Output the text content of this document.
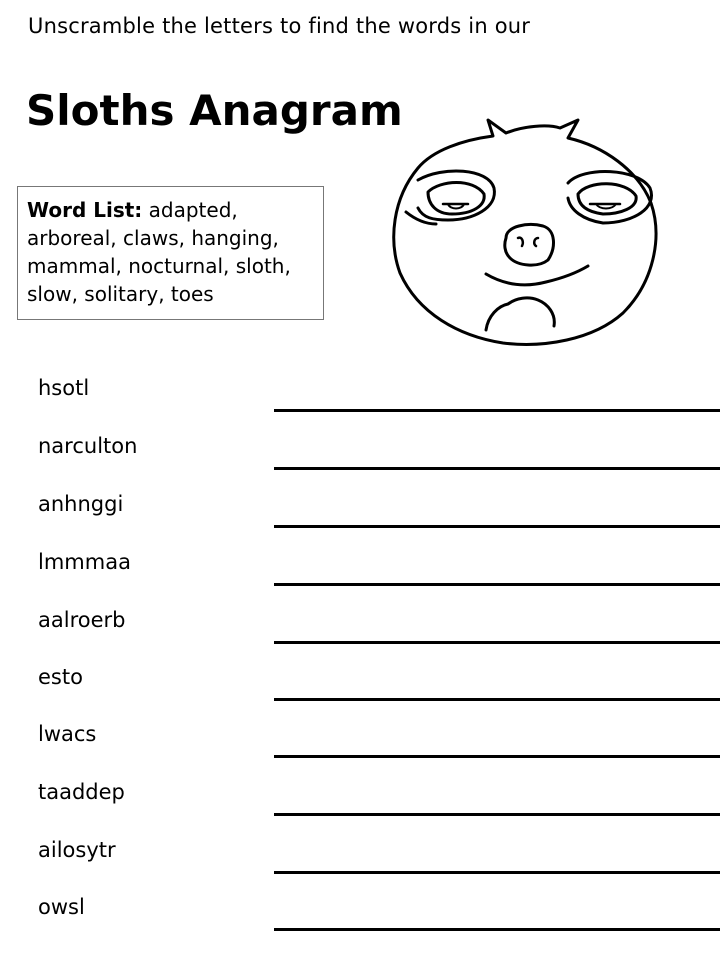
Unscramble the letters to find the words in our
Sloths Anagram
Word List: adapted, arboreal, claws, hanging, mammal, nocturnal, sloth, slow, solitary, toes
hsotl
narculton
anhnggi
lmmmaa
aalroerb
esto
lwacs
taaddep
ailosytr
owsl
